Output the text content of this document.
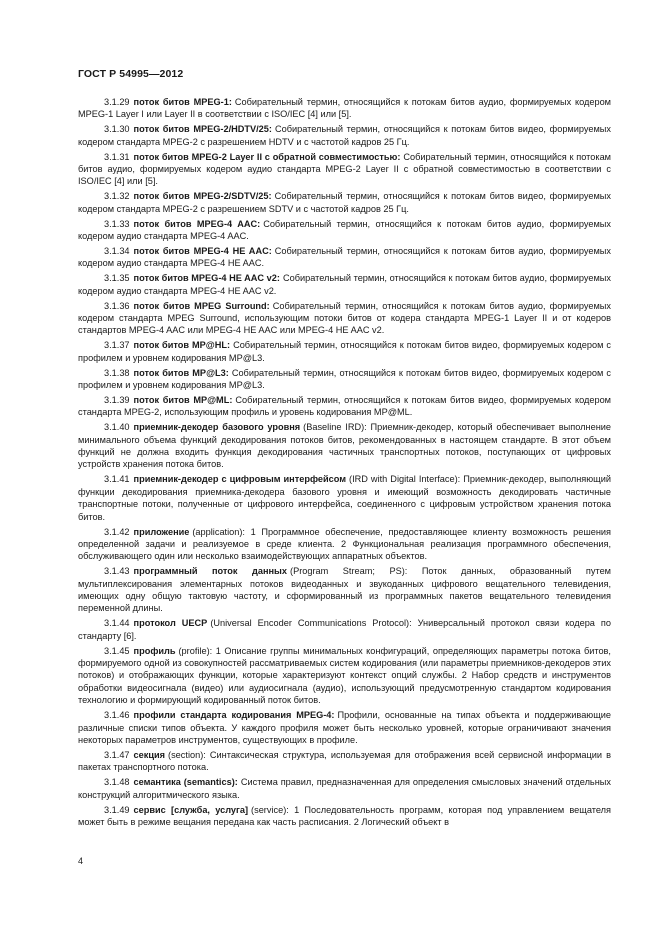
ГОСТ Р 54995—2012

3.1.29 поток битов MPEG-1: Собирательный термин, относящийся к потокам битов аудио, формируемых кодером MPEG-1 Layer I или Layer II в соответствии с ISO/IEC [4] или [5].

3.1.30 поток битов MPEG-2/HDTV/25: Собирательный термин, относящийся к потокам битов видео, формируемых кодером стандарта MPEG-2 с разрешением HDTV и с частотой кадров 25 Гц.

3.1.31 поток битов MPEG-2 Layer II с обратной совместимостью: Собирательный термин, относящийся к потокам битов аудио, формируемых кодером аудио стандарта MPEG-2 Layer II с обратной совместимостью в соответствии с ISO/IEC [4] или [5].

3.1.32 поток битов MPEG-2/SDTV/25: Собирательный термин, относящийся к потокам битов видео, формируемых кодером стандарта MPEG-2 с разрешением SDTV и с частотой кадров 25 Гц.

3.1.33 поток битов MPEG-4 AAC: Собирательный термин, относящийся к потокам битов аудио, формируемых кодером аудио стандарта MPEG-4 AAC.

3.1.34 поток битов MPEG-4 HE AAC: Собирательный термин, относящийся к потокам битов аудио, формируемых кодером аудио стандарта MPEG-4 HE AAC.

3.1.35 поток битов MPEG-4 HE AAC v2: Собирательный термин, относящийся к потокам битов аудио, формируемых кодером аудио стандарта MPEG-4 HE AAC v2.

3.1.36 поток битов MPEG Surround: Собирательный термин, относящийся к потокам битов аудио, формируемых кодером стандарта MPEG Surround, использующим потоки битов от кодера стандарта MPEG-1 Layer II и от кодеров стандартов MPEG-4 AAC или MPEG-4 HE AAC или MPEG-4 HE AAC v2.

3.1.37 поток битов MP@HL: Собирательный термин, относящийся к потокам битов видео, формируемых кодером с профилем и уровнем кодирования MP@L3.

3.1.38 поток битов MP@L3: Собирательный термин, относящийся к потокам битов видео, формируемых кодером с профилем и уровнем кодирования MP@L3.

3.1.39 поток битов MP@ML: Собирательный термин, относящийся к потокам битов видео, формируемых кодером стандарта MPEG-2, использующим профиль и уровень кодирования MP@ML.

3.1.40 приемник-декодер базового уровня (Baseline IRD): Приемник-декодер, который обеспечивает выполнение минимального объема функций декодирования потоков битов, рекомендованных в настоящем стандарте. В этот объем функций не должна входить функция декодирования частичных транспортных потоков, поступающих от цифровых устройств хранения потока битов.

3.1.41 приемник-декодер с цифровым интерфейсом (IRD with Digital Interface): Приемник-декодер, выполняющий функции декодирования приемника-декодера базового уровня и имеющий возможность декодировать частичные транспортные потоки, полученные от цифрового интерфейса, соединенного с цифровым устройством хранения потока битов.

3.1.42 приложение (application): 1 Программное обеспечение, предоставляющее клиенту возможность решения определенной задачи и реализуемое в среде клиента. 2 Функциональная реализация программного обеспечения, обслуживающего один или несколько взаимодействующих аппаратных объектов.

3.1.43 программный поток данных (Program Stream; PS): Поток данных, образованный путем мультиплексирования элементарных потоков видеоданных и звукоданных цифрового вещательного телевидения, имеющих одну общую тактовую частоту, и сформированный из программных пакетов вещательного телевидения переменной длины.

3.1.44 протокол UECP (Universal Encoder Communications Protocol): Универсальный протокол связи кодера по стандарту [6].

3.1.45 профиль (profile): 1 Описание группы минимальных конфигураций, определяющих параметры потока битов, формируемого одной из совокупностей рассматриваемых систем кодирования (или параметры приемников-декодеров этих потоков) и отображающих функции, которые характеризуют контекст опций службы. 2 Набор средств и инструментов обработки видеосигнала (видео) или аудиосигнала (аудио), использующий предусмотренную стандартом кодирования технологию и формирующий кодированный поток битов.

3.1.46 профили стандарта кодирования MPEG-4: Профили, основанные на типах объекта и поддерживающие различные списки типов объекта. У каждого профиля может быть несколько уровней, которые ограничивают значения некоторых параметров инструментов, существующих в профиле.

3.1.47 секция (section): Синтаксическая структура, используемая для отображения всей сервисной информации в пакетах транспортного потока.

3.1.48 семантика (semantics): Система правил, предназначенная для определения смысловых значений отдельных конструкций алгоритмического языка.

3.1.49 сервис [служба, услуга] (service): 1 Последовательность программ, которая под управлением вещателя может быть в режиме вещания передана как часть расписания. 2 Логический объект в

4
